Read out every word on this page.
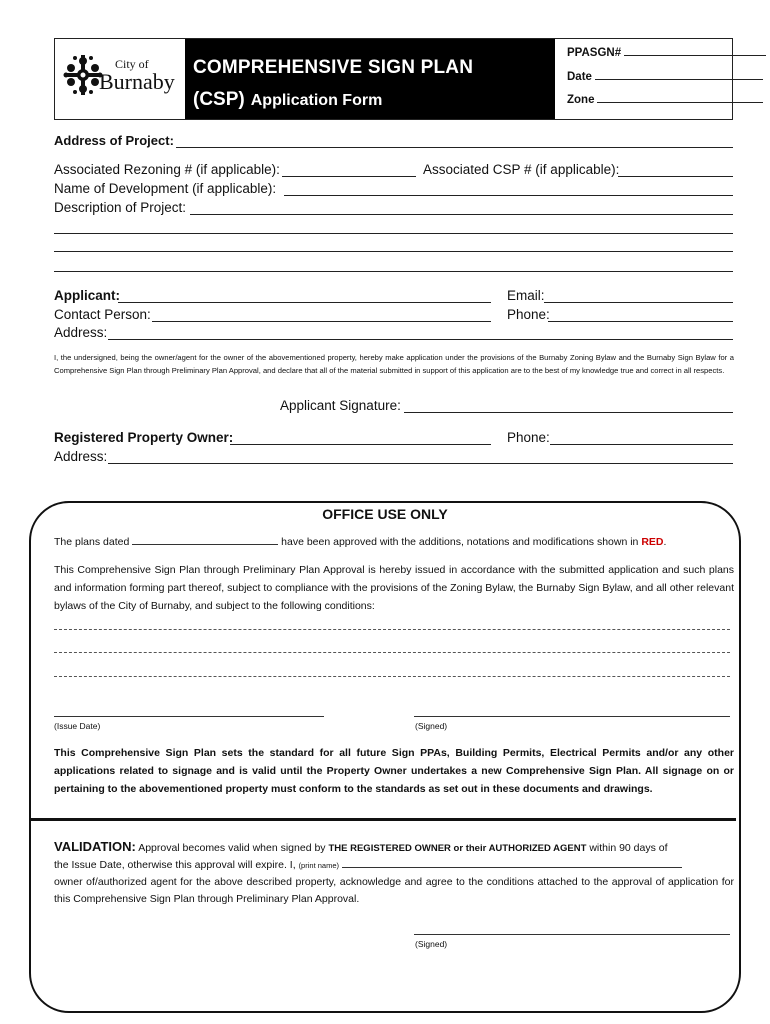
City of
Burnaby
COMPREHENSIVE SIGN PLAN
(CSP) Application Form
PPASGN#
Date
Zone
Address of Project:
Associated Rezoning # (if applicable):	Associated CSP # (if applicable):
Name of Development (if applicable):
Description of Project:
Applicant:	Email:
Contact Person:	Phone:
Address:
I, the undersigned, being the owner/agent for the owner of the abovementioned property, hereby make application under the provisions of the Burnaby Zoning Bylaw and the Burnaby Sign Bylaw for a Comprehensive Sign Plan through Preliminary Plan Approval, and declare that all of the material submitted in support of this application are to the best of my knowledge true and correct in all respects.
Applicant Signature:
Registered Property Owner:	Phone:
Address:
OFFICE USE ONLY
The plans dated	have been approved with the additions, notations and modifications shown in RED.
This Comprehensive Sign Plan through Preliminary Plan Approval is hereby issued in accordance with the submitted application and such plans and information forming part thereof, subject to compliance with the provisions of the Zoning Bylaw, the Burnaby Sign Bylaw, and all other relevant bylaws of the City of Burnaby, and subject to the following conditions:
(Issue Date)	(Signed)
This Comprehensive Sign Plan sets the standard for all future Sign PPAs, Building Permits, Electrical Permits and/or any other applications related to signage and is valid until the Property Owner undertakes a new Comprehensive Sign Plan. All signage on or pertaining to the abovementioned property must conform to the standards as set out in these documents and drawings.
VALIDATION: Approval becomes valid when signed by THE REGISTERED OWNER or their AUTHORIZED AGENT within 90 days of
the Issue Date, otherwise this approval will expire. I, (print name)
owner of/authorized agent for the above described property, acknowledge and agree to the conditions attached to the approval of application for this Comprehensive Sign Plan through Preliminary Plan Approval.
(Signed)
